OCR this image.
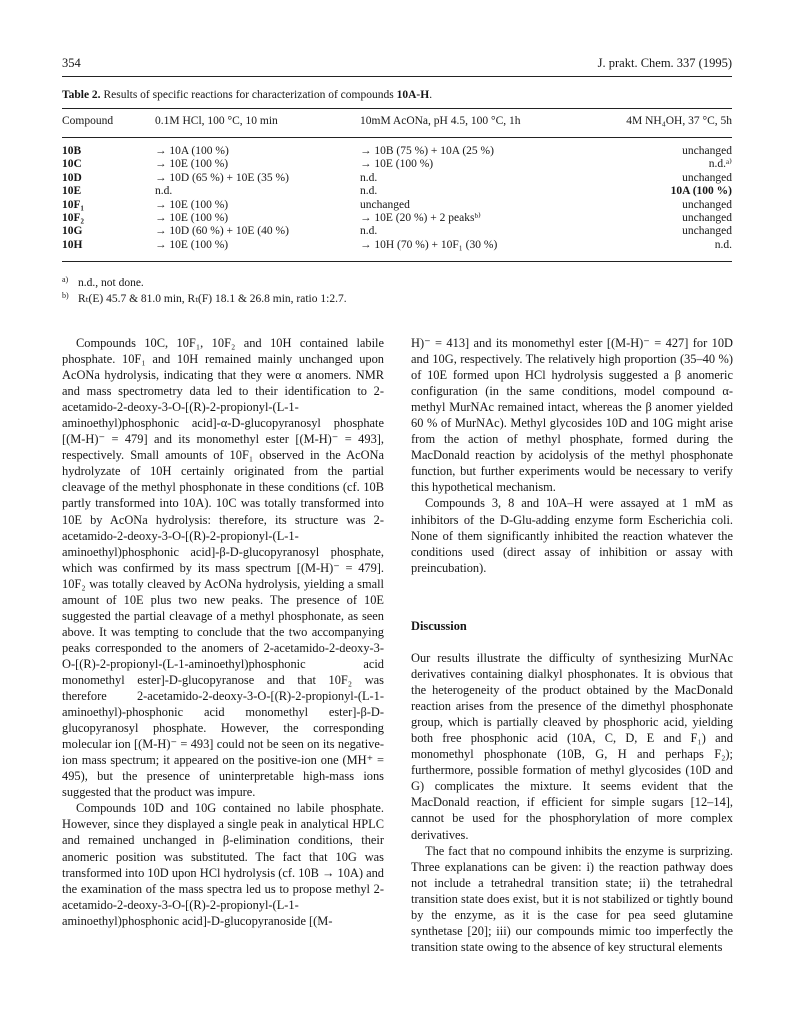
354	J. prakt. Chem. 337 (1995)
Table 2. Results of specific reactions for characterization of compounds 10A-H.
Compound	0.1M HCl, 100 °C, 10 min	10mM AcONa, pH 4.5, 100 °C, 1h	4M NH₄OH, 37 °C, 5h
10B	→ 10A (100 %)	→ 10B (75 %) + 10A (25 %)	unchanged
10C	→ 10E (100 %)	→ 10E (100 %)	n.d.ᵃ⁾
10D	→ 10D (65 %) + 10E (35 %)	n.d.	unchanged
10E	n.d.	n.d.	10A (100 %)
10F₁	→ 10E (100 %)	unchanged	unchanged
10F₂	→ 10E (100 %)	→ 10E (20 %) + 2 peaksᵇ⁾	unchanged
10G	→ 10D (60 %) + 10E (40 %)	n.d.	unchanged
10H	→ 10E (100 %)	→ 10H (70 %) + 10F₁ (30 %)	n.d.
a) n.d., not done.
b) Rₜ(E) 45.7 & 81.0 min, Rₜ(F) 18.1 & 26.8 min, ratio 1:2.7.

Compounds 10C, 10F₁, 10F₂ and 10H contained labile phosphate. 10F₁ and 10H remained mainly unchanged upon AcONa hydrolysis, indicating that they were α anomers. NMR and mass spectrometry data led to their identification to 2-acetamido-2-deoxy-3-O-[(R)-2-propionyl-(L-1-aminoethyl)phosphonic acid]-α-D-glucopyranosyl phosphate [(M-H)⁻ = 479] and its monomethyl ester [(M-H)⁻ = 493], respectively. Small amounts of 10F₁ observed in the AcONa hydrolyzate of 10H certainly originated from the partial cleavage of the methyl phosphonate in these conditions (cf. 10B partly transformed into 10A). 10C was totally transformed into 10E by AcONa hydrolysis: therefore, its structure was 2-acetamido-2-deoxy-3-O-[(R)-2-propionyl-(L-1-aminoethyl)phosphonic acid]-β-D-glucopyranosyl phosphate, which was confirmed by its mass spectrum [(M-H)⁻ = 479]. 10F₂ was totally cleaved by AcONa hydrolysis, yielding a small amount of 10E plus two new peaks. The presence of 10E suggested the partial cleavage of a methyl phosphonate, as seen above. It was tempting to conclude that the two accompanying peaks corresponded to the anomers of 2-acetamido-2-deoxy-3-O-[(R)-2-propionyl-(L-1-aminoethyl)phosphonic acid monomethyl ester]-D-glucopyranose and that 10F₂ was therefore 2-acetamido-2-deoxy-3-O-[(R)-2-propionyl-(L-1-aminoethyl)-phosphonic acid monomethyl ester]-β-D-glucopyranosyl phosphate. However, the corresponding molecular ion [(M-H)⁻ = 493] could not be seen on its negative-ion mass spectrum; it appeared on the positive-ion one (MH⁺ = 495), but the presence of uninterpretable high-mass ions suggested that the product was impure.

Compounds 10D and 10G contained no labile phosphate. However, since they displayed a single peak in analytical HPLC and remained unchanged in β-elimination conditions, their anomeric position was substituted. The fact that 10G was transformed into 10D upon HCl hydrolysis (cf. 10B → 10A) and the examination of the mass spectra led us to propose methyl 2-acetamido-2-deoxy-3-O-[(R)-2-propionyl-(L-1-aminoethyl)phosphonic acid]-D-glucopyranoside [(M-

H)⁻ = 413] and its monomethyl ester [(M-H)⁻ = 427] for 10D and 10G, respectively. The relatively high proportion (35–40 %) of 10E formed upon HCl hydrolysis suggested a β anomeric configuration (in the same conditions, model compound α-methyl MurNAc remained intact, whereas the β anomer yielded 60 % of MurNAc). Methyl glycosides 10D and 10G might arise from the action of methyl phosphate, formed during the MacDonald reaction by acidolysis of the methyl phosphonate function, but further experiments would be necessary to verify this hypothetical mechanism.

Compounds 3, 8 and 10A–H were assayed at 1 mM as inhibitors of the D-Glu-adding enzyme form Escherichia coli. None of them significantly inhibited the reaction whatever the conditions used (direct assay of inhibition or assay with preincubation).

Discussion

Our results illustrate the difficulty of synthesizing MurNAc derivatives containing dialkyl phosphonates. It is obvious that the heterogeneity of the product obtained by the MacDonald reaction arises from the presence of the dimethyl phosphonate group, which is partially cleaved by phosphoric acid, yielding both free phosphonic acid (10A, C, D, E and F₁) and monomethyl phosphonate (10B, G, H and perhaps F₂); furthermore, possible formation of methyl glycosides (10D and G) complicates the mixture. It seems evident that the MacDonald reaction, if efficient for simple sugars [12–14], cannot be used for the phosphorylation of more complex derivatives.

The fact that no compound inhibits the enzyme is surprizing. Three explanations can be given: i) the reaction pathway does not include a tetrahedral transition state; ii) the tetrahedral transition state does exist, but it is not stabilized or tightly bound by the enzyme, as it is the case for pea seed glutamine synthetase [20]; iii) our compounds mimic too imperfectly the transition state owing to the absence of key structural elements
